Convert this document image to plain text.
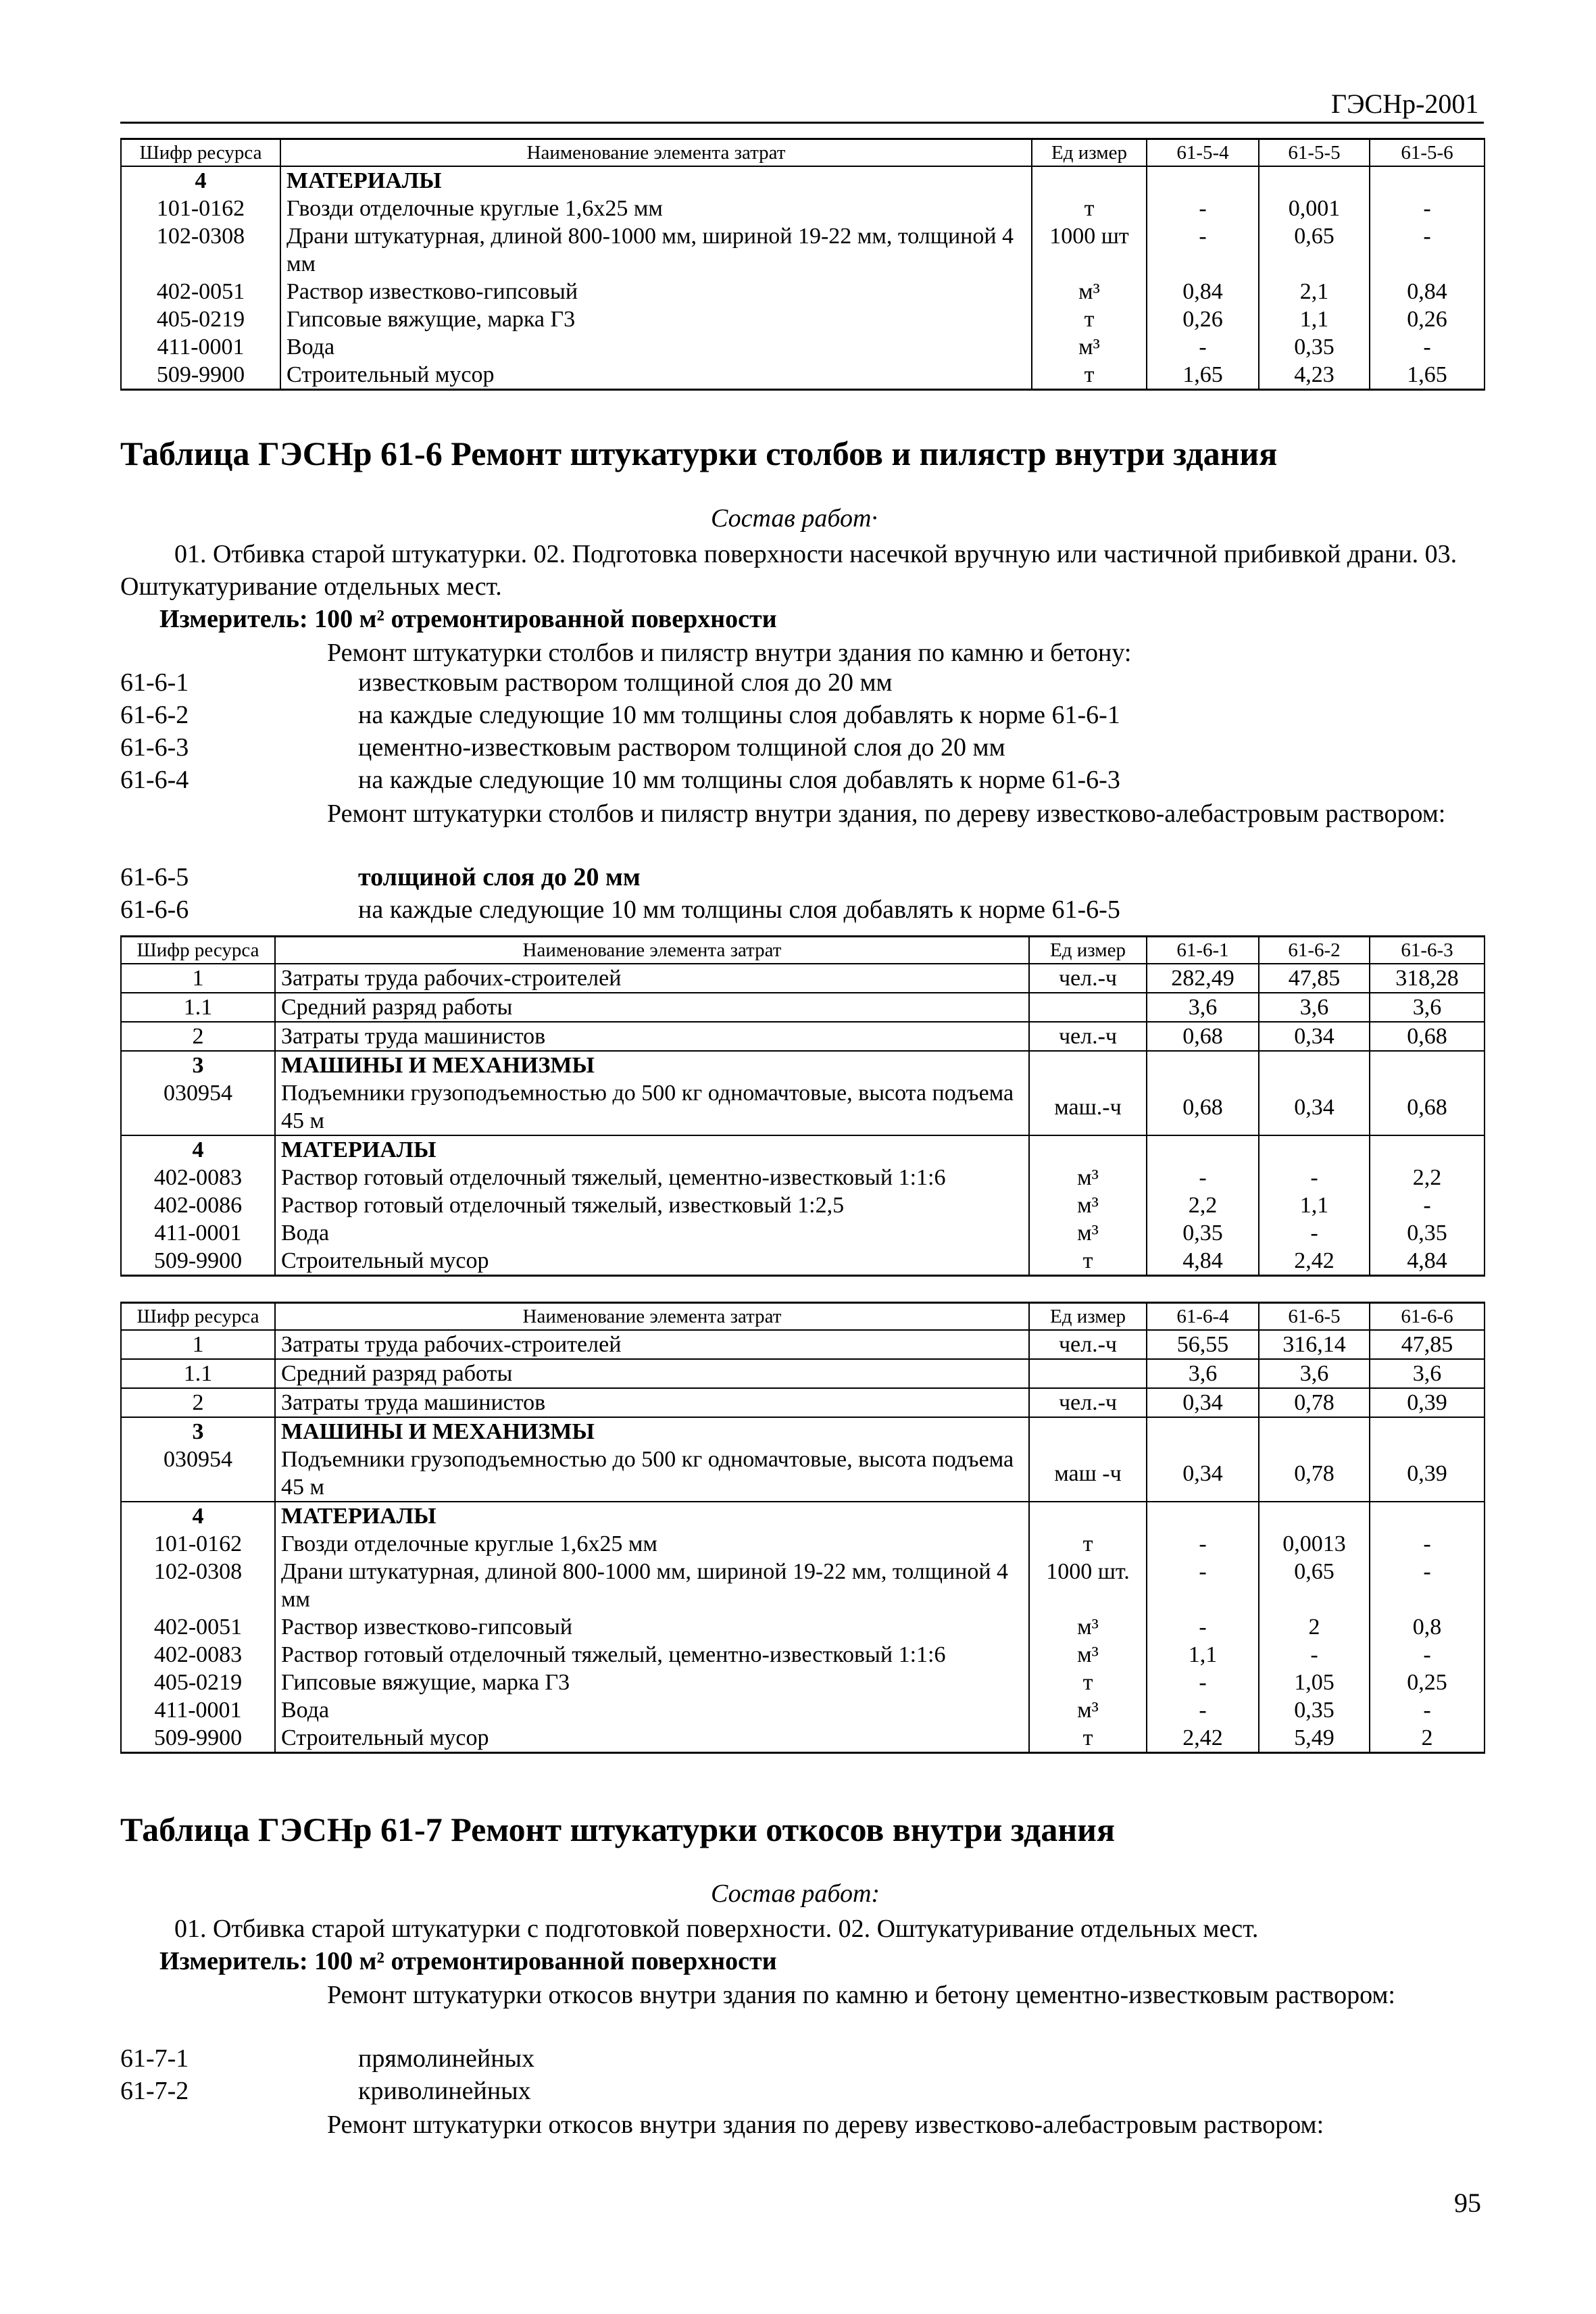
ГЭСНр-2001
Шифр ресурса	Наименование элемента затрат	Ед измер	61-5-4	61-5-5	61-5-6
4	МАТЕРИАЛЫ				
101-0162	Гвозди отделочные круглые 1,6х25 мм	т	-	0,001	-
102-0308	Драни штукатурная, длиной 800-1000 мм, шириной 19-22 мм, толщиной 4 мм	1000 шт	-	0,65	-
402-0051	Раствор известково-гипсовый	м³	0,84	2,1	0,84
405-0219	Гипсовые вяжущие, марка Г3	т	0,26	1,1	0,26
411-0001	Вода	м³	-	0,35	-
509-9900	Строительный мусор	т	1,65	4,23	1,65
Таблица ГЭСНр 61-6 Ремонт штукатурки столбов и пилястр внутри здания
Состав работ·
01. Отбивка старой штукатурки. 02. Подготовка поверхности насечкой вручную или частичной прибивкой драни. 03. Оштукатуривание отдельных мест.
Измеритель: 100 м² отремонтированной поверхности
Ремонт штукатурки столбов и пилястр внутри здания по камню и бетону:
61-6-1	известковым раствором толщиной слоя до 20 мм
61-6-2	на каждые следующие 10 мм толщины слоя добавлять к норме 61-6-1
61-6-3	цементно-известковым раствором толщиной слоя до 20 мм
61-6-4	на каждые следующие 10 мм толщины слоя добавлять к норме 61-6-3
Ремонт штукатурки столбов и пилястр внутри здания, по дереву известково-алебастровым раствором:
61-6-5	толщиной слоя до 20 мм
61-6-6	на каждые следующие 10 мм толщины слоя добавлять к норме 61-6-5
Шифр ресурса	Наименование элемента затрат	Ед измер	61-6-1	61-6-2	61-6-3
1	Затраты труда рабочих-строителей	чел.-ч	282,49	47,85	318,28
1.1	Средний разряд работы		3,6	3,6	3,6
2	Затраты труда машинистов	чел.-ч	0,68	0,34	0,68
3	МАШИНЫ И МЕХАНИЗМЫ				
030954	Подъемники грузоподъемностью до 500 кг одномачтовые, высота подъема 45 м	маш.-ч	0,68	0,34	0,68
4	МАТЕРИАЛЫ				
402-0083	Раствор готовый отделочный тяжелый, цементно-известковый 1:1:6	м³	-	-	2,2
402-0086	Раствор готовый отделочный тяжелый, известковый 1:2,5	м³	2,2	1,1	-
411-0001	Вода	м³	0,35	-	0,35
509-9900	Строительный мусор	т	4,84	2,42	4,84
Шифр ресурса	Наименование элемента затрат	Ед измер	61-6-4	61-6-5	61-6-6
1	Затраты труда рабочих-строителей	чел.-ч	56,55	316,14	47,85
1.1	Средний разряд работы		3,6	3,6	3,6
2	Затраты труда машинистов	чел.-ч	0,34	0,78	0,39
3	МАШИНЫ И МЕХАНИЗМЫ				
030954	Подъемники грузоподъемностью до 500 кг одномачтовые, высота подъема 45 м	маш -ч	0,34	0,78	0,39
4	МАТЕРИАЛЫ				
101-0162	Гвозди отделочные круглые 1,6х25 мм	т	-	0,0013	-
102-0308	Драни штукатурная, длиной 800-1000 мм, шириной 19-22 мм, толщиной 4 мм	1000 шт.	-	0,65	-
402-0051	Раствор известково-гипсовый	м³	-	2	0,8
402-0083	Раствор готовый отделочный тяжелый, цементно-известковый 1:1:6	м³	1,1	-	-
405-0219	Гипсовые вяжущие, марка Г3	т	-	1,05	0,25
411-0001	Вода	м³	-	0,35	-
509-9900	Строительный мусор	т	2,42	5,49	2
Таблица ГЭСНр 61-7 Ремонт штукатурки откосов внутри здания
Состав работ:
01. Отбивка старой штукатурки с подготовкой поверхности. 02. Оштукатуривание отдельных мест.
Измеритель: 100 м² отремонтированной поверхности
Ремонт штукатурки откосов внутри здания по камню и бетону цементно-известковым раствором:
61-7-1	прямолинейных
61-7-2	криволинейных
Ремонт штукатурки откосов внутри здания по дереву известково-алебастровым раствором:
95
